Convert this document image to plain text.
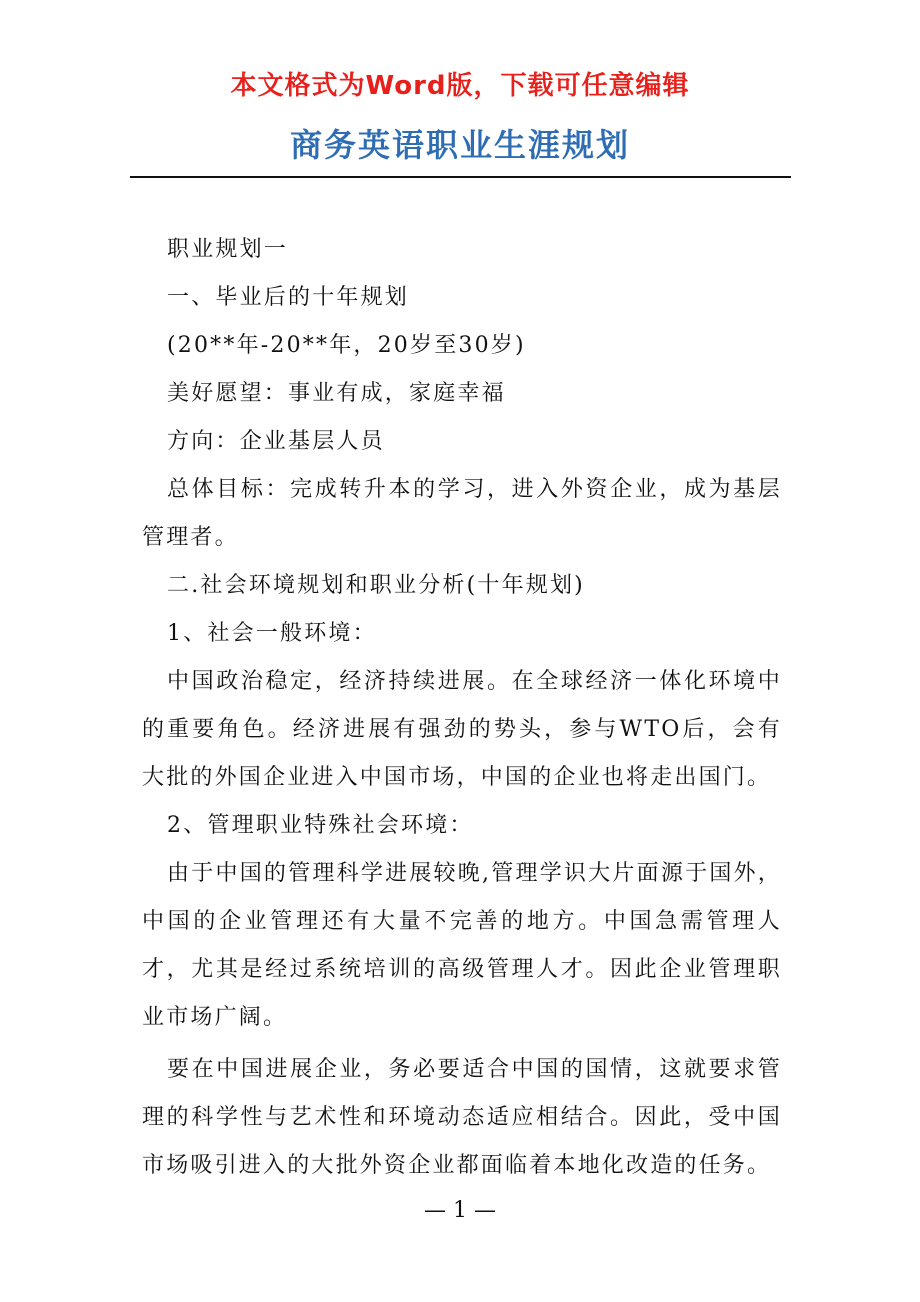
本文格式为Word版，下载可任意编辑
商务英语职业生涯规划

职业规划一

一、毕业后的十年规划

(20**年-20**年，20岁至30岁)

美好愿望：事业有成，家庭幸福

方向：企业基层人员

总体目标：完成转升本的学习，进入外资企业，成为基层管理者。

二.社会环境规划和职业分析(十年规划)

1、社会一般环境：

中国政治稳定，经济持续进展。在全球经济一体化环境中的重要角色。经济进展有强劲的势头，参与WTO后，会有大批的外国企业进入中国市场，中国的企业也将走出国门。

2、管理职业特殊社会环境：

由于中国的管理科学进展较晚,管理学识大片面源于国外，中国的企业管理还有大量不完善的地方。中国急需管理人才，尤其是经过系统培训的高级管理人才。因此企业管理职业市场广阔。

要在中国进展企业，务必要适合中国的国情，这就要求管理的科学性与艺术性和环境动态适应相结合。因此，受中国市场吸引进入的大批外资企业都面临着本地化改造的任务。

— 1 —
